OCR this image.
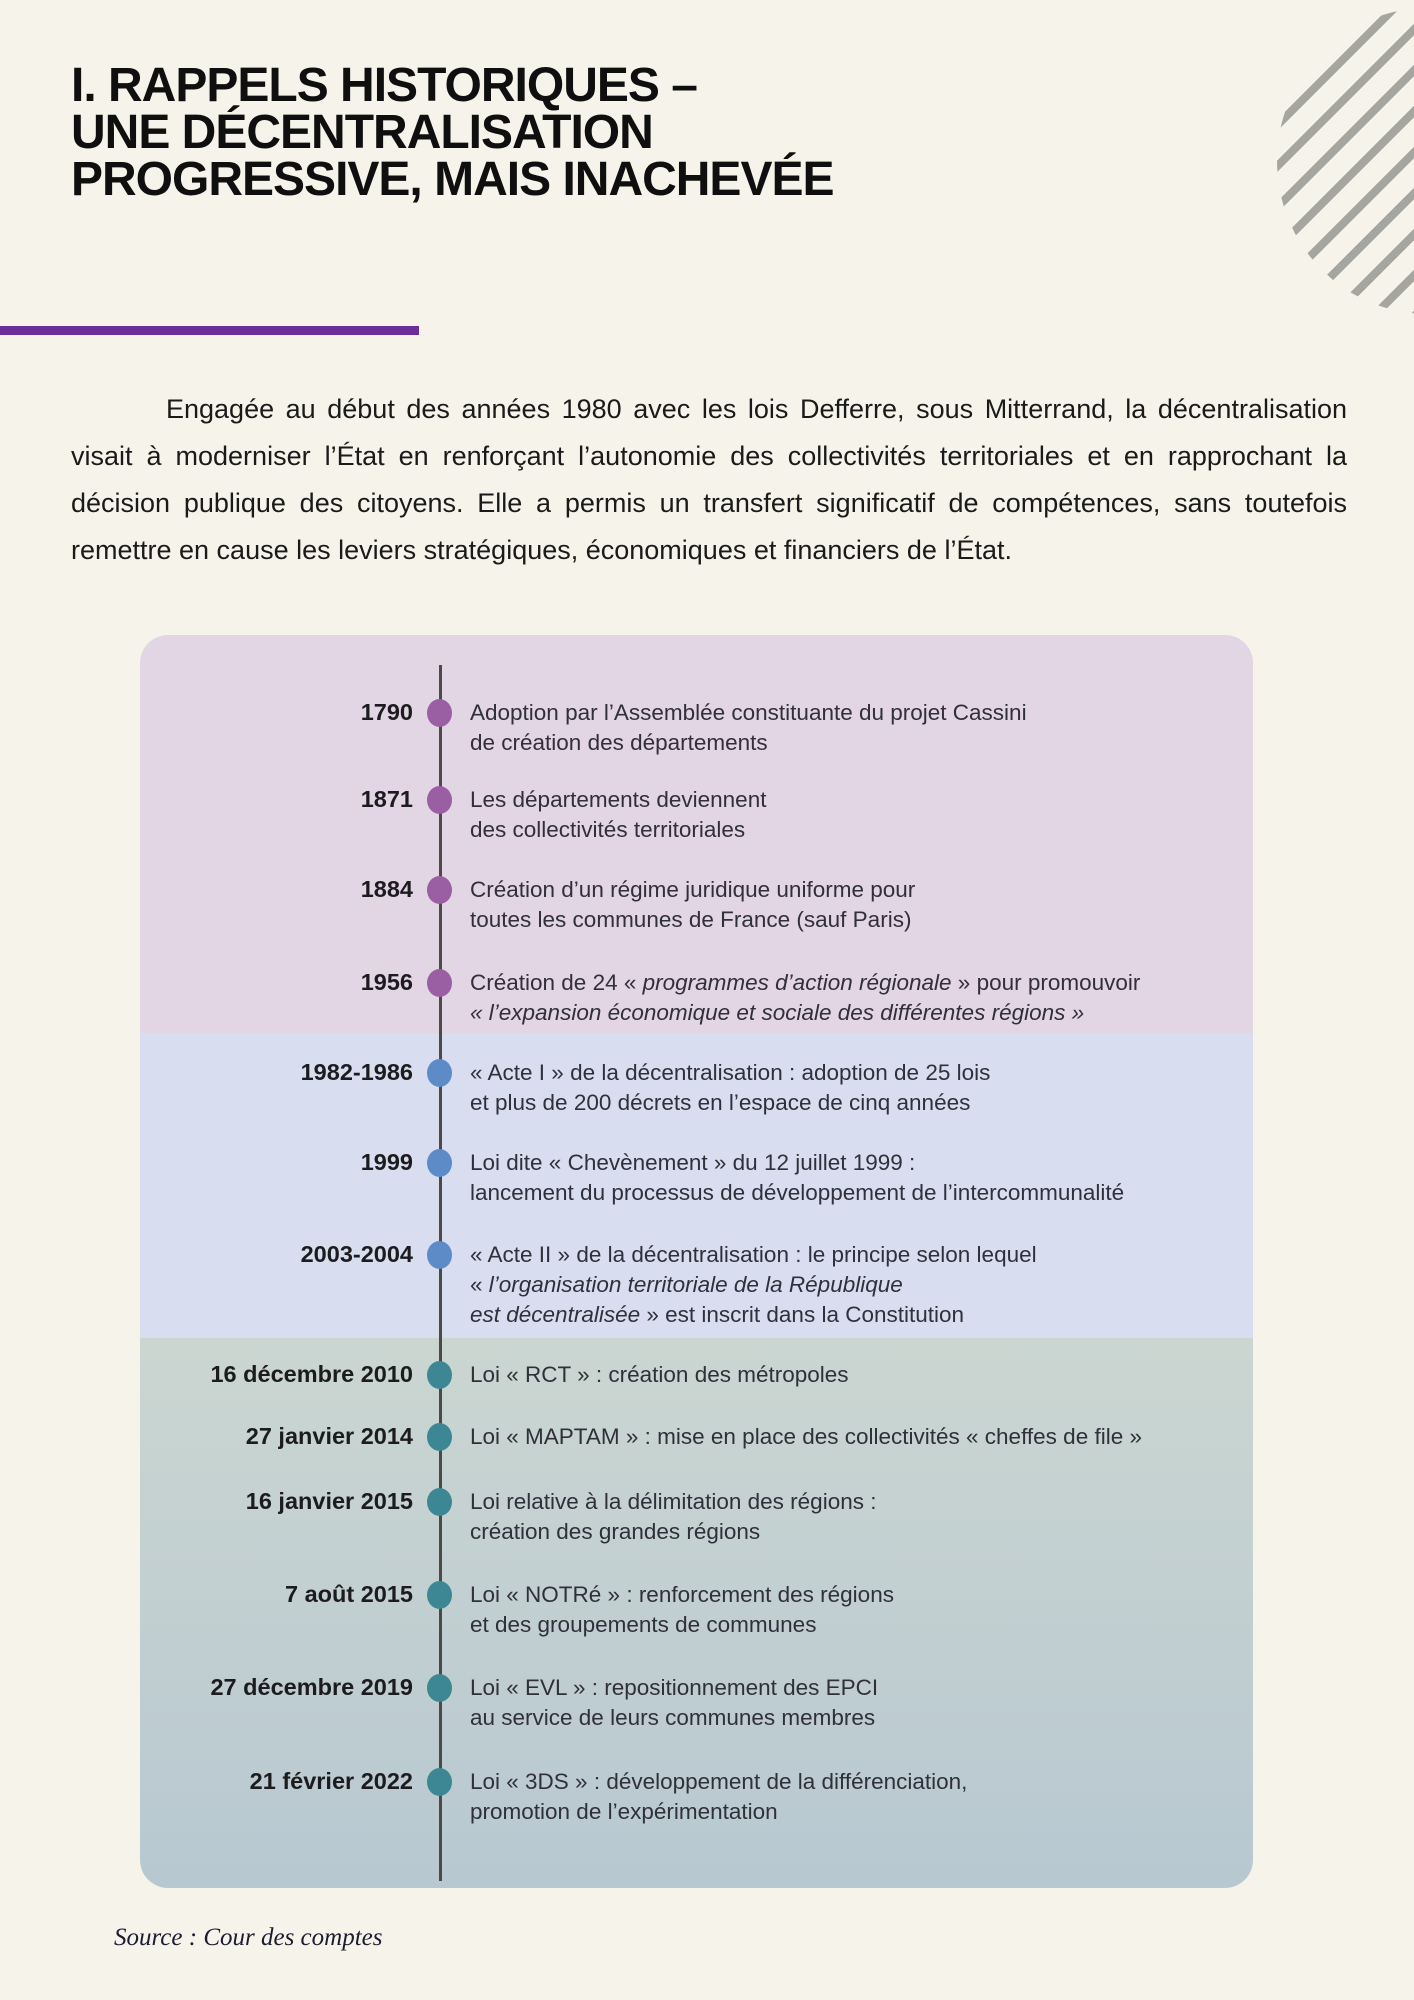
I. RAPPELS HISTORIQUES –
UNE DÉCENTRALISATION
PROGRESSIVE, MAIS INACHEVÉE

Engagée au début des années 1980 avec les lois Defferre, sous Mitterrand, la décentralisation visait à moderniser l’État en renforçant l’autonomie des collectivités territoriales et en rapprochant la décision publique des citoyens. Elle a permis un transfert significatif de compétences, sans toutefois remettre en cause les leviers stratégiques, économiques et financiers de l’État.

1790	Adoption par l’Assemblée constituante du projet Cassini
de création des départements
1871	Les départements deviennent
des collectivités territoriales
1884	Création d’un régime juridique uniforme pour
toutes les communes de France (sauf Paris)
1956	Création de 24 « programmes d’action régionale » pour promouvoir
« l’expansion économique et sociale des différentes régions »
1982-1986	« Acte I » de la décentralisation : adoption de 25 lois
et plus de 200 décrets en l’espace de cinq années
1999	Loi dite « Chevènement » du 12 juillet 1999 :
lancement du processus de développement de l’intercommunalité
2003-2004	« Acte II » de la décentralisation : le principe selon lequel
« l’organisation territoriale de la République
est décentralisée » est inscrit dans la Constitution
16 décembre 2010	Loi « RCT » : création des métropoles
27 janvier 2014	Loi « MAPTAM » : mise en place des collectivités « cheffes de file »
16 janvier 2015	Loi relative à la délimitation des régions :
création des grandes régions
7 août 2015	Loi « NOTRé » : renforcement des régions
et des groupements de communes
27 décembre 2019	Loi « EVL » : repositionnement des EPCI
au service de leurs communes membres
21 février 2022	Loi « 3DS » : développement de la différenciation,
promotion de l’expérimentation
Source : Cour des comptes
